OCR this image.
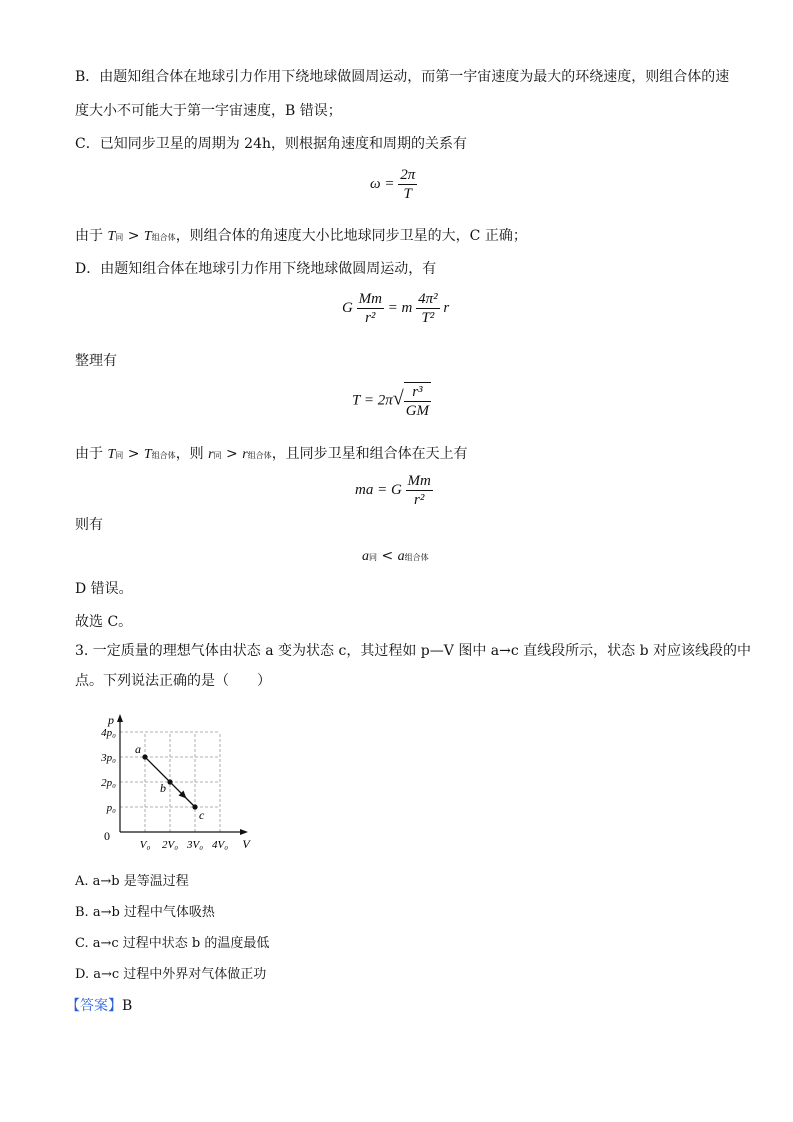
B．由题知组合体在地球引力作用下绕地球做圆周运动，而第一宇宙速度为最大的环绕速度，则组合体的速
度大小不可能大于第一宇宙速度，B 错误；
C．已知同步卫星的周期为 24h，则根据角速度和周期的关系有
$\omega = \frac{2\pi}{T}$
由于 T同 > T组合体，则组合体的角速度大小比地球同步卫星的大，C 正确；
D．由题知组合体在地球引力作用下绕地球做圆周运动，有
G $\frac{Mm}{\text{r²}} = m \frac{\text{4π²}}{\text{T²}}$ r
整理有
$T = 2\pi√ \frac{\text{r³}}{GM}$
由于 T同 > T组合体，则 r同 > r组合体，且同步卫星和组合体在天上有
ma = G $\frac{Mm}{\text{r²}}$
则有
a同 < a组合体
D 错误。
故选 C。
3. 一定质量的理想气体由状态 a 变为状态 c，其过程如 p—V 图中 a→c 直线段所示，状态 b 对应该线段的中
点。下列说法正确的是（　　）
p
V
0
V₀ 2V₀ 3V₀ 4V₀
p₀
2p₀
3p₀
4p₀
a
b
c
A. a→b 是等温过程
B. a→b 过程中气体吸热
C. a→c 过程中状态 b 的温度最低
D. a→c 过程中外界对气体做正功
【答案】B
